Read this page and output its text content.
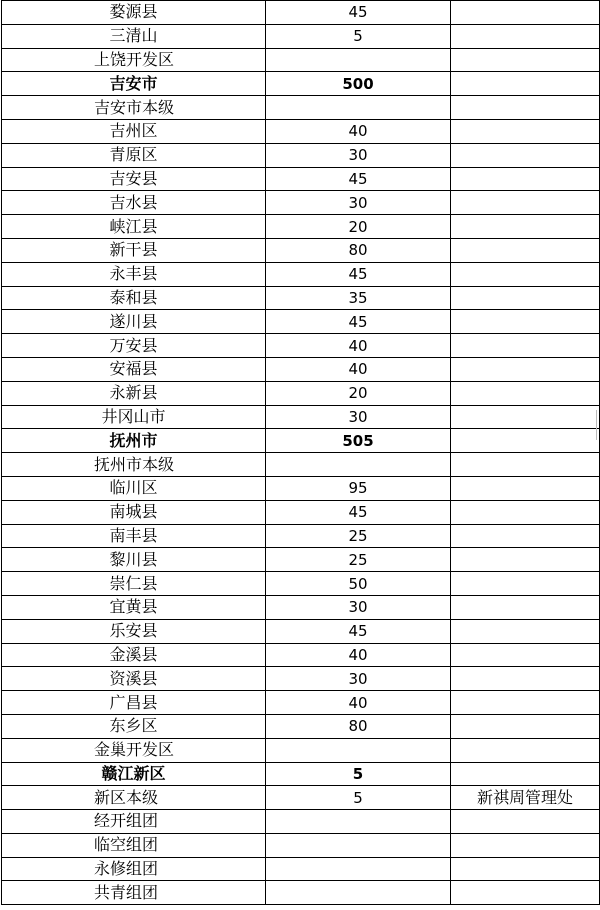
婺源县	45	
三清山	5	
上饶开发区		
吉安市	500	
吉安市本级		
吉州区	40	
青原区	30	
吉安县	45	
吉水县	30	
峡江县	20	
新干县	80	
永丰县	45	
泰和县	35	
遂川县	45	
万安县	40	
安福县	40	
永新县	20	
井冈山市	30	
抚州市	505	
抚州市本级		
临川区	95	
南城县	45	
南丰县	25	
黎川县	25	
崇仁县	50	
宜黄县	30	
乐安县	45	
金溪县	40	
资溪县	30	
广昌县	40	
东乡区	80	
金巢开发区		
赣江新区	5	
新区本级	5	新祺周管理处
经开组团		
临空组团		
永修组团		
共青组团		
